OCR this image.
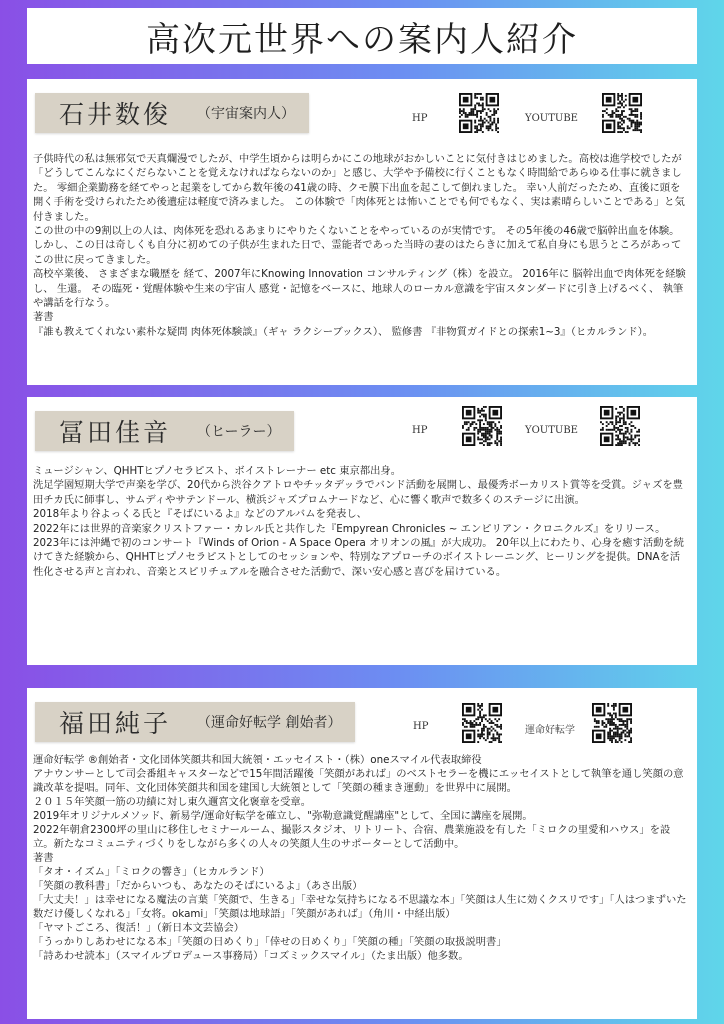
高次元世界への案内人紹介
石井数俊 （宇宙案内人）	HP	YOUTUBE

子供時代の私は無邪気で天真爛漫でしたが、中学生頃からは明らかにこの地球がおかしいことに気付きはじめました。高校は進学校でしたが「どうしてこんなにくだらないことを覚えなければならないのか」と感じ、大学や予備校に行くこともなく時間給であらゆる仕事に就きました。 零細企業勤務を経てやっと起業をしてから数年後の41歳の時、クモ膜下出血を起こして倒れました。 幸い人前だったため、直後に頭を開く手術を受けられたため後遺症は軽度で済みました。 この体験で「肉体死とは怖いことでも何でもなく、実は素晴らしいことである」と気付きました。

この世の中の9割以上の人は、肉体死を恐れるあまりにやりたくないことをやっているのが実情です。 その5年後の46歳で脳幹出血を体験。 しかし、この日は奇しくも自分に初めての子供が生まれた日で、霊能者であった当時の妻のはたらきに加えて私自身にも思うところがあってこの世に戻ってきました。

高校卒業後、 さまざまな職歴を 経て、2007年にKnowing Innovation コンサルティング（株）を設立。 2016年に 脳幹出血で肉体死を経験し、 生還。 その臨死・覚醒体験や生来の宇宙人 感覚・記憶をベースに、地球人のローカル意識を宇宙スタンダードに引き上げるべく、 執筆や講話を行なう。

著書

『誰も教えてくれない素朴な疑問 肉体死体験談』（ギャ ラクシーブックス）、 監修書 『非物質ガイドとの探索1~3』（ヒカルランド）。

冨田佳音 （ヒーラー）	HP	YOUTUBE

ミュージシャン、QHHTヒプノセラピスト、ボイストレーナー etc 東京都出身。

洗足学園短期大学で声楽を学び、20代から渋谷クアトロやチッタデッラでバンド活動を展開し、最優秀ボーカリスト賞等を受賞。ジャズを豊田チカ氏に師事し、サムディやサテンドール、横浜ジャズプロムナードなど、心に響く歌声で数多くのステージに出演。

2018年より谷よっくる氏と『そばにいるよ』などのアルバムを発表し、

2022年には世界的音楽家クリストファー・カレル氏と共作した『Empyrean Chronicles ~ エンピリアン・クロニクルズ』をリリース。

2023年には沖縄で初のコンサート『Winds of Orion - A Space Opera オリオンの風』が大成功。 20年以上にわたり、心身を癒す活動を続けてきた経験から、QHHTヒプノセラピストとしてのセッションや、特別なアプローチのボイストレーニング、ヒーリングを提供。DNAを活性化させる声と言われ、音楽とスピリチュアルを融合させた活動で、深い安心感と喜びを届けている。

福田純子 （運命好転学 創始者）	HP	運命好転学

運命好転学 ®創始者・文化団体笑顔共和国大統領・エッセイスト・（株）oneスマイル代表取締役

アナウンサーとして司会番組キャスターなどで15年間活躍後「笑顔があれば」のベストセラーを機にエッセイストとして執筆を通し笑顔の意識改革を提唱。同年、文化団体笑顔共和国を建国し大統領として「笑顔の種まき運動」を世界中に展開。

２０１５年笑顔一筋の功績に対し東久邇宮文化褒章を受章。

2019年オリジナルメソッド、新易学/運命好転学を確立し、"弥勒意識覚醒講座"として、全国に講座を展開。

2022年朝倉2300坪の里山に移住しセミナールーム、撮影スタジオ、リトリート、合宿、農業施設を有した「ミロクの里愛和ハウス」を設立。新たなコミュニティづくりをしながら多くの人々の笑顔人生のサポーターとして活動中。

著書

「タオ・イズム」「ミロクの響き」（ヒカルランド）

「笑顔の教科書」「だからいつも、あなたのそばにいるよ」（あさ出版）

「大丈夫！」は幸せになる魔法の言葉「笑顔で、生きる」「幸せな気持ちになる不思議な本」「笑顔は人生に効くクスリです」「人はつまずいた数だけ優しくなれる」「女将。okami」「笑顔は地球語」「笑顔があれば」（角川・中経出版）

「ヤマトごころ、復活！」（新日本文芸協会）

「うっかりしあわせになる本」「笑顔の日めくり」「倖せの日めくり」「笑顔の種」「笑顔の取扱説明書」

「詩あわせ読本」（スマイルプロデュース事務局）「コズミックスマイル」（たま出版）他多数。
